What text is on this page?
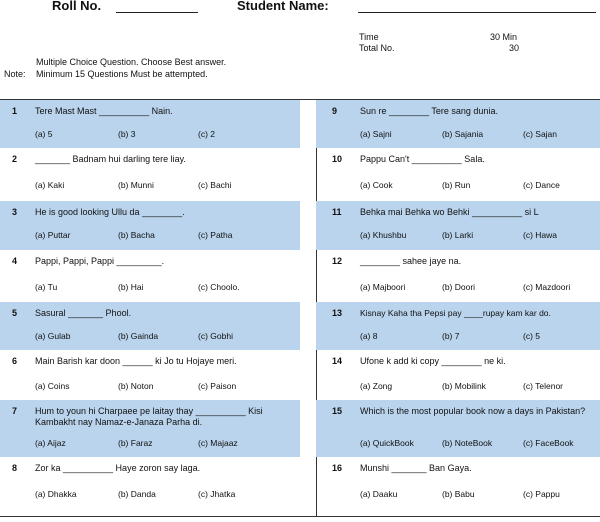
Roll No.	Student Name:
Time	30 Min
Total No.	30
Multiple Choice Question. Choose Best answer.
Note: Minimum 15 Questions Must be attempted.
1 Tere Mast Mast __________ Nain.
(a) 5	(b) 3	(c) 2
2 _______ Badnam hui darling tere liay.
(a) Kaki	(b) Munni	(c) Bachi
3 He is good looking Ullu da ________.
(a) Puttar	(b) Bacha	(c) Patha
4 Pappi, Pappi, Pappi _________.
(a) Tu	(b) Hai	(c) Choolo.
5 Sasural _______ Phool.
(a) Gulab	(b) Gainda	(c) Gobhi
6 Main Barish kar doon ______ ki Jo tu Hojaye meri.
(a) Coins	(b) Noton	(c) Paison
7 Hum to youn hi Charpaee pe laitay thay __________ Kisi Kambakht nay Namaz-e-Janaza Parha di.
(a) Aijaz	(b) Faraz	(c) Majaaz
8 Zor ka __________ Haye zoron say laga.
(a) Dhakka	(b) Danda	(c) Jhatka
9	Sun re ________ Tere sang dunia.
(a) Sajni	(b) Sajania	(c) Sajan
10 Pappu Can't __________ Sala.
(a) Cook	(b) Run	(c) Dance
11 Behka mai Behka wo Behki __________ si L
(a) Khushbu	(b) Larki	(c) Hawa
12 ________ sahee jaye na.
(a) Majboori	(b) Doori	(c) Mazdoori
13 Kisnay Kaha tha Pepsi pay ____rupay kam kar do.
(a) 8	(b) 7	(c) 5
14 Ufone k add ki copy ________ ne ki.
(a) Zong	(b) Mobilink	(c) Telenor
15 Which is the most popular book now a days in Pakistan?
(a) QuickBook	(b) NoteBook	(c) FaceBook
16 Munshi _______ Ban Gaya.
(a) Daaku	(b) Babu	(c) Pappu
